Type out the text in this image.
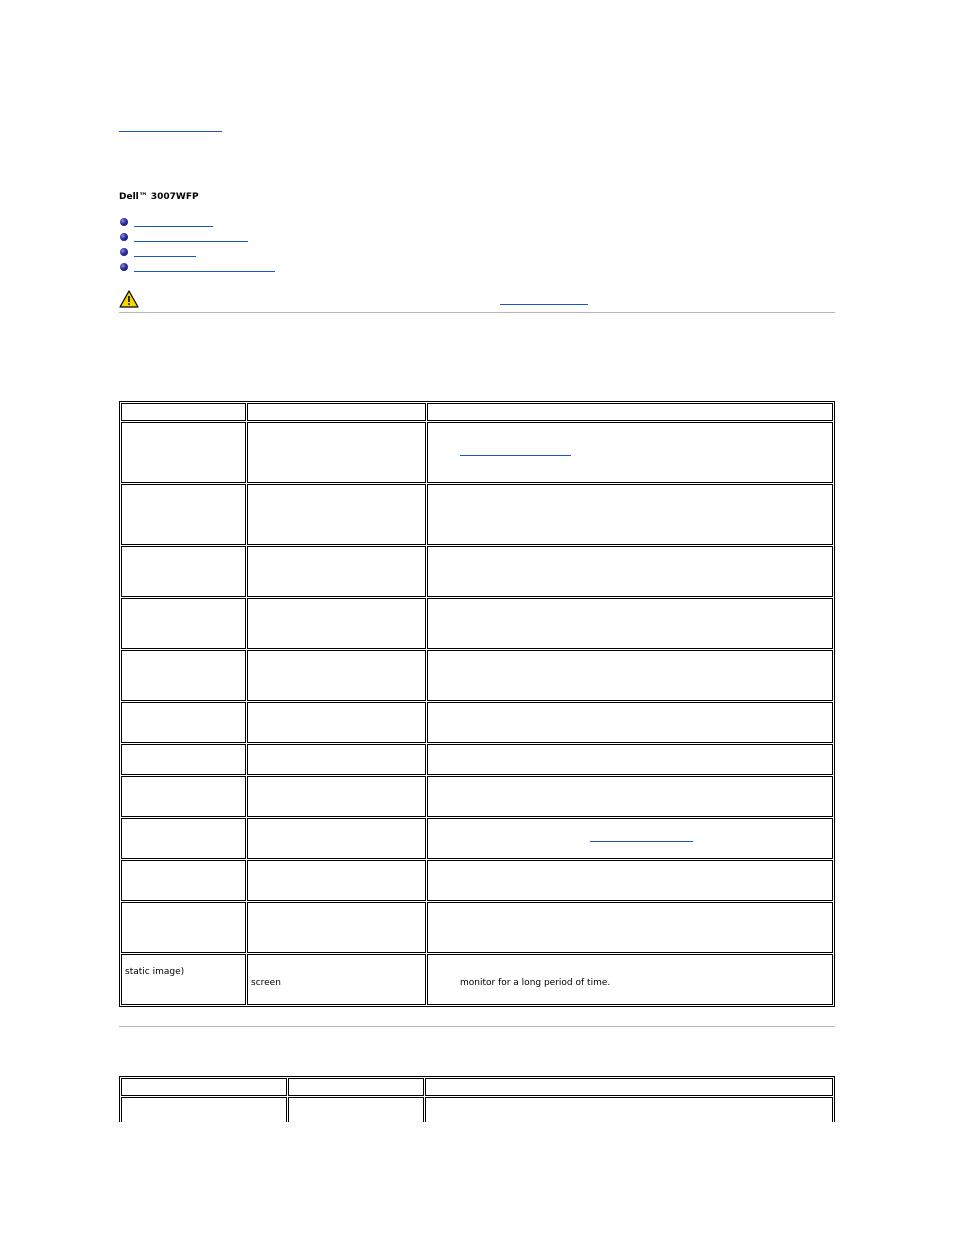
Dell™ 3007WFP
static image)
screen	monitor for a long period of time.
